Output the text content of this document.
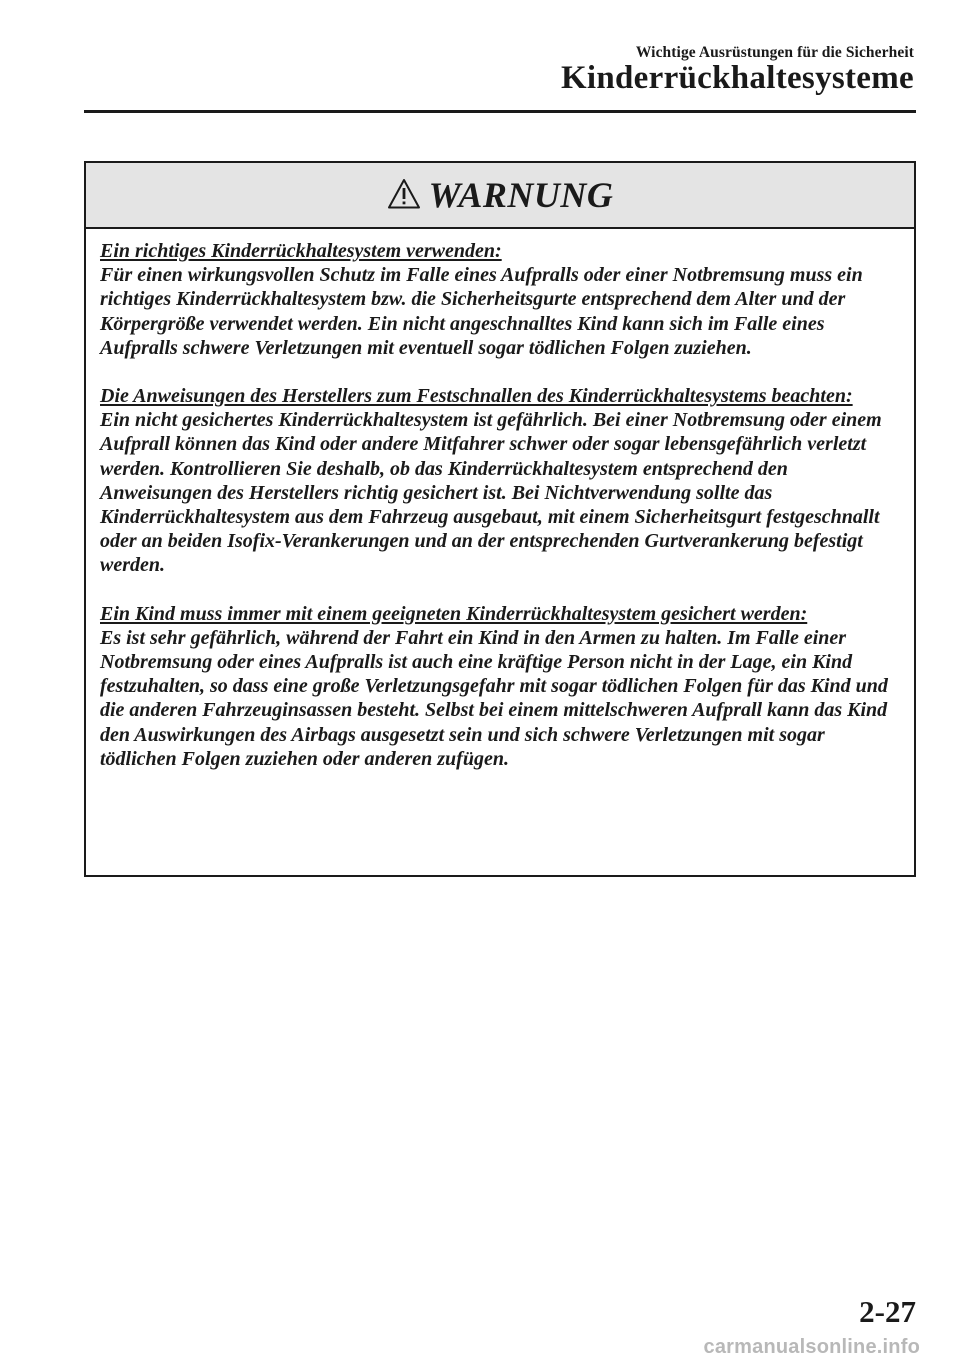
Wichtige Ausrüstungen für die Sicherheit
Kinderrückhaltesysteme
WARNUNG
Ein richtiges Kinderrückhaltesystem verwenden:
Für einen wirkungsvollen Schutz im Falle eines Aufpralls oder einer Notbremsung muss ein richtiges Kinderrückhaltesystem bzw. die Sicherheitsgurte entsprechend dem Alter und der Körpergröße verwendet werden. Ein nicht angeschnalltes Kind kann sich im Falle eines Aufpralls schwere Verletzungen mit eventuell sogar tödlichen Folgen zuziehen.
Die Anweisungen des Herstellers zum Festschnallen des Kinderrückhaltesystems beachten:
Ein nicht gesichertes Kinderrückhaltesystem ist gefährlich. Bei einer Notbremsung oder einem Aufprall können das Kind oder andere Mitfahrer schwer oder sogar lebensgefährlich verletzt werden. Kontrollieren Sie deshalb, ob das Kinderrückhaltesystem entsprechend den Anweisungen des Herstellers richtig gesichert ist. Bei Nichtverwendung sollte das Kinderrückhaltesystem aus dem Fahrzeug ausgebaut, mit einem Sicherheitsgurt festgeschnallt oder an beiden Isofix-Verankerungen und an der entsprechenden Gurtverankerung befestigt werden.
Ein Kind muss immer mit einem geeigneten Kinderrückhaltesystem gesichert werden:
Es ist sehr gefährlich, während der Fahrt ein Kind in den Armen zu halten. Im Falle einer Notbremsung oder eines Aufpralls ist auch eine kräftige Person nicht in der Lage, ein Kind festzuhalten, so dass eine große Verletzungsgefahr mit sogar tödlichen Folgen für das Kind und die anderen Fahrzeuginsassen besteht. Selbst bei einem mittelschweren Aufprall kann das Kind den Auswirkungen des Airbags ausgesetzt sein und sich schwere Verletzungen mit sogar tödlichen Folgen zuziehen oder anderen zufügen.
2-27
carmanualsonline.info
